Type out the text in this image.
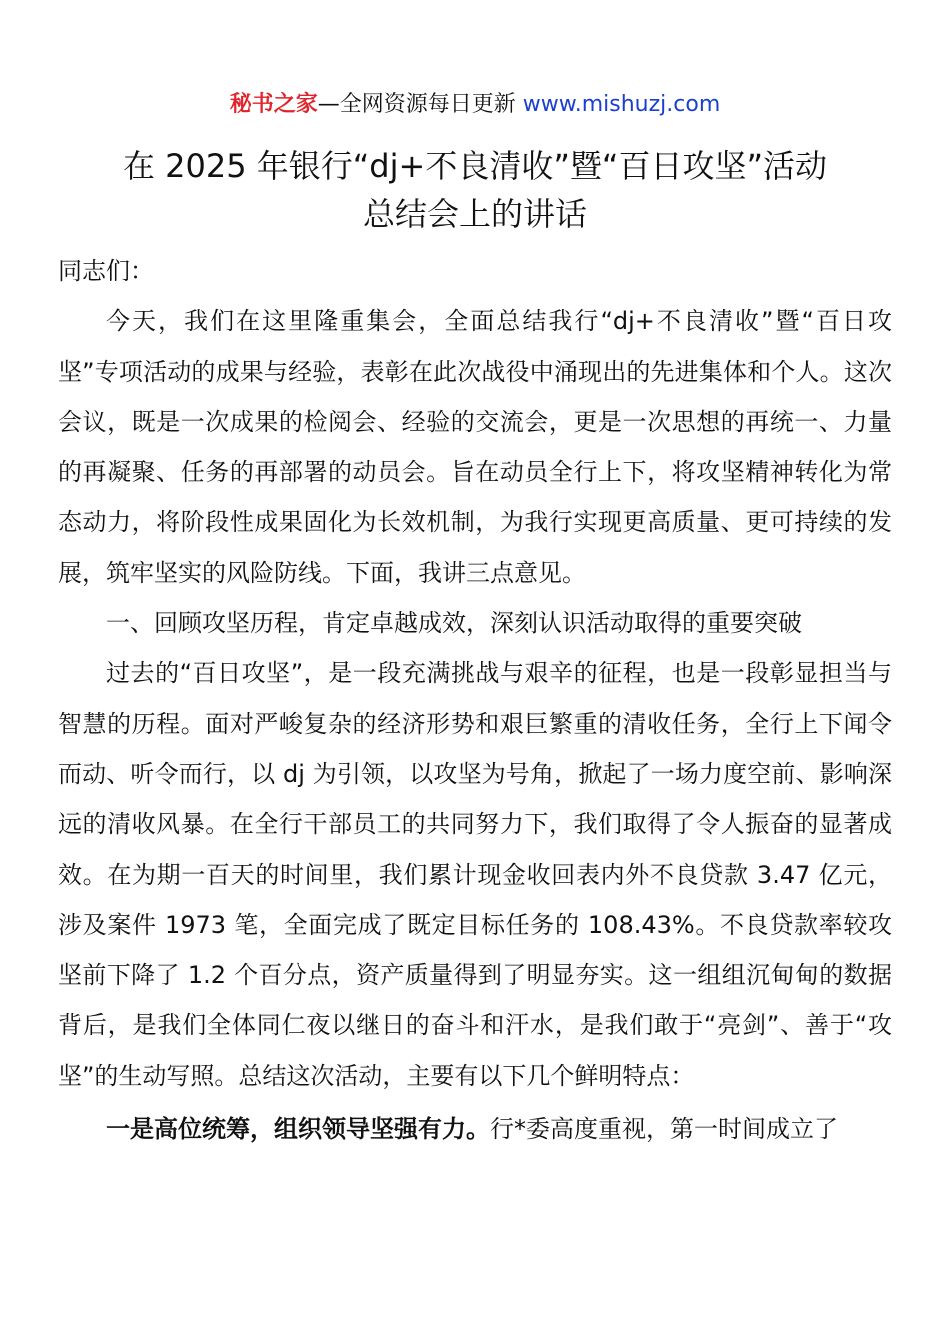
秘书之家—全网资源每日更新 www.mishuzj.com
在 2025 年银行“dj+不良清收”暨“百日攻坚”活动
总结会上的讲话

同志们：

今天，我们在这里隆重集会，全面总结我行“dj+不良清收”暨“百日攻坚”专项活动的成果与经验，表彰在此次战役中涌现出的先进集体和个人。这次会议，既是一次成果的检阅会、经验的交流会，更是一次思想的再统一、力量的再凝聚、任务的再部署的动员会。旨在动员全行上下，将攻坚精神转化为常态动力，将阶段性成果固化为长效机制，为我行实现更高质量、更可持续的发展，筑牢坚实的风险防线。下面，我讲三点意见。

一、回顾攻坚历程，肯定卓越成效，深刻认识活动取得的重要突破

过去的“百日攻坚”，是一段充满挑战与艰辛的征程，也是一段彰显担当与智慧的历程。面对严峻复杂的经济形势和艰巨繁重的清收任务，全行上下闻令而动、听令而行，以 dj 为引领，以攻坚为号角，掀起了一场力度空前、影响深远的清收风暴。在全行干部员工的共同努力下，我们取得了令人振奋的显著成效。在为期一百天的时间里，我们累计现金收回表内外不良贷款 3.47 亿元，涉及案件 1973 笔，全面完成了既定目标任务的 108.43%。不良贷款率较攻坚前下降了 1.2 个百分点，资产质量得到了明显夯实。这一组组沉甸甸的数据背后，是我们全体同仁夜以继日的奋斗和汗水，是我们敢于“亮剑”、善于“攻坚”的生动写照。总结这次活动，主要有以下几个鲜明特点：

一是高位统筹，组织领导坚强有力。行*委高度重视，第一时间成立了
